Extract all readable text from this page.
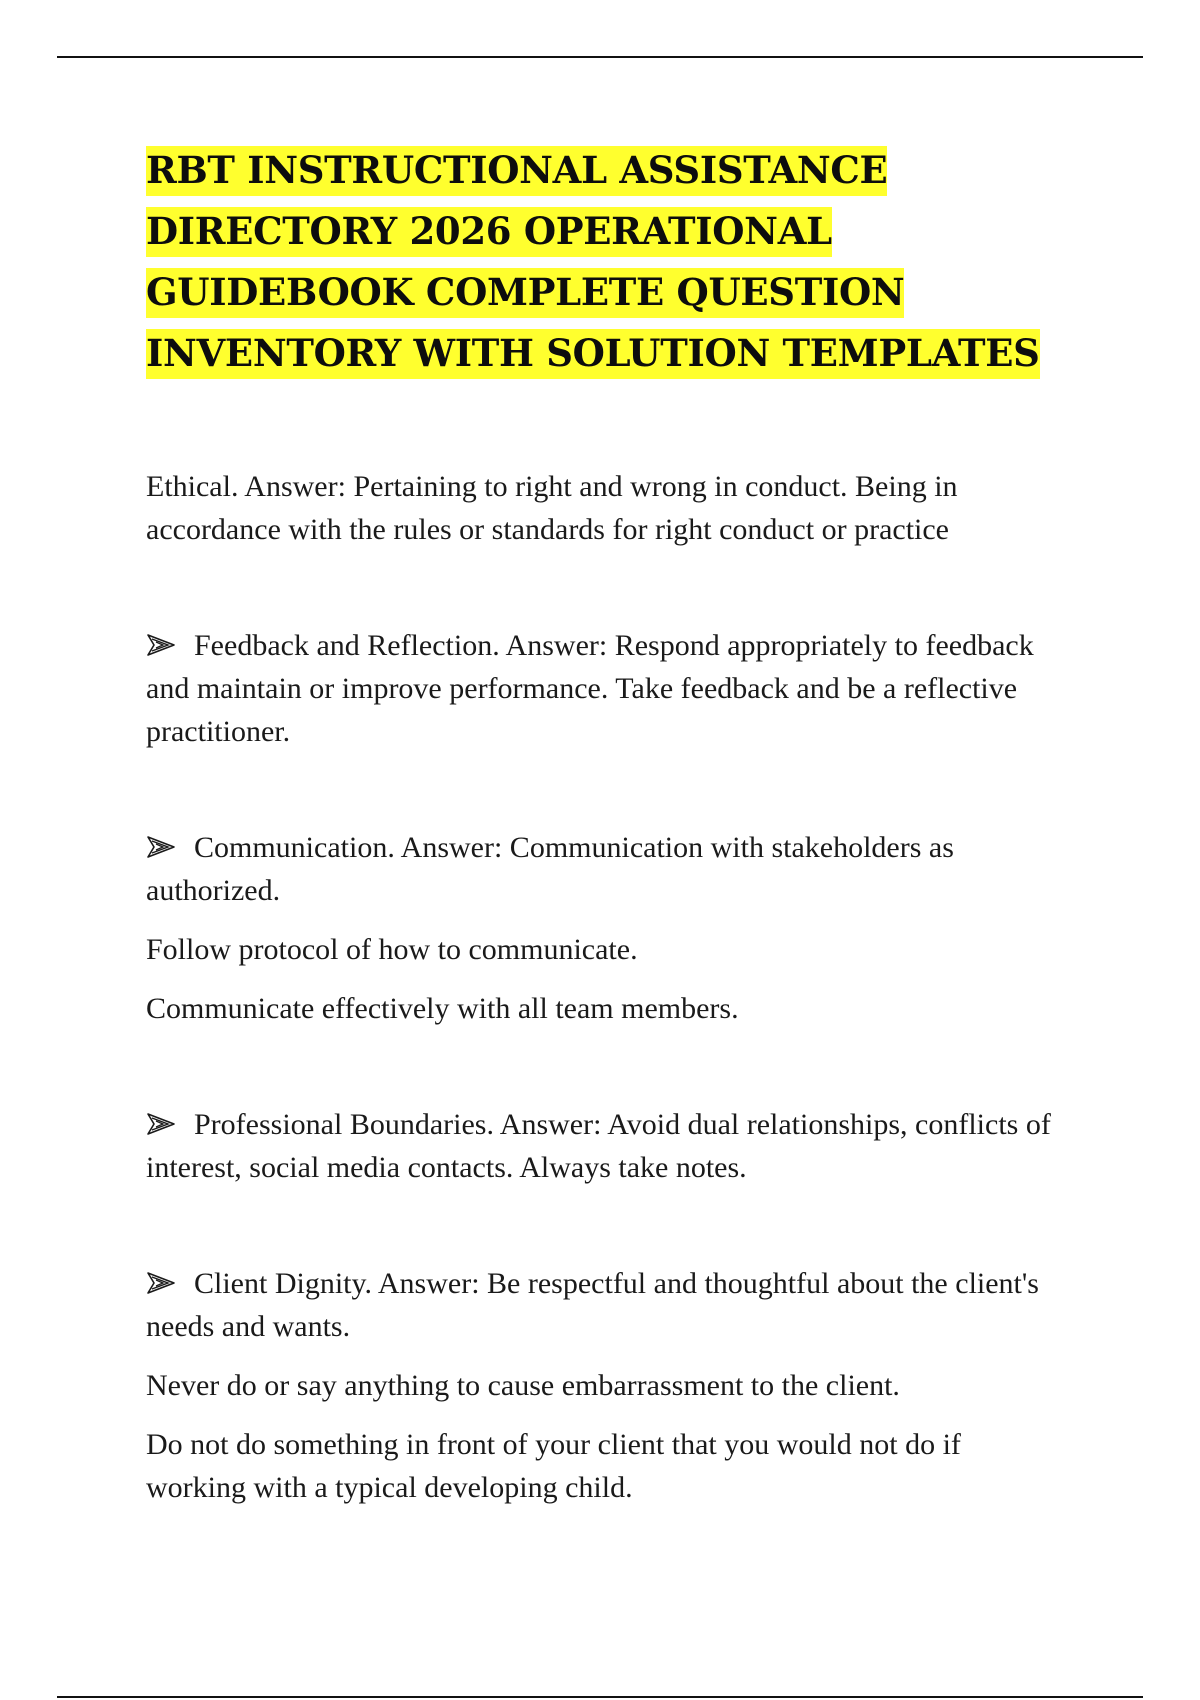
RBT INSTRUCTIONAL ASSISTANCE
DIRECTORY 2026 OPERATIONAL
GUIDEBOOK COMPLETE QUESTION
INVENTORY WITH SOLUTION TEMPLATES

Ethical. Answer: Pertaining to right and wrong in conduct. Being in accordance with the rules or standards for right conduct or practice

Feedback and Reflection. Answer: Respond appropriately to feedback and maintain or improve performance. Take feedback and be a reflective practitioner.

Communication. Answer: Communication with stakeholders as authorized.

Follow protocol of how to communicate.

Communicate effectively with all team members.

Professional Boundaries. Answer: Avoid dual relationships, conflicts of interest, social media contacts. Always take notes.

Client Dignity. Answer: Be respectful and thoughtful about the client's needs and wants.

Never do or say anything to cause embarrassment to the client.

Do not do something in front of your client that you would not do if working with a typical developing child.
